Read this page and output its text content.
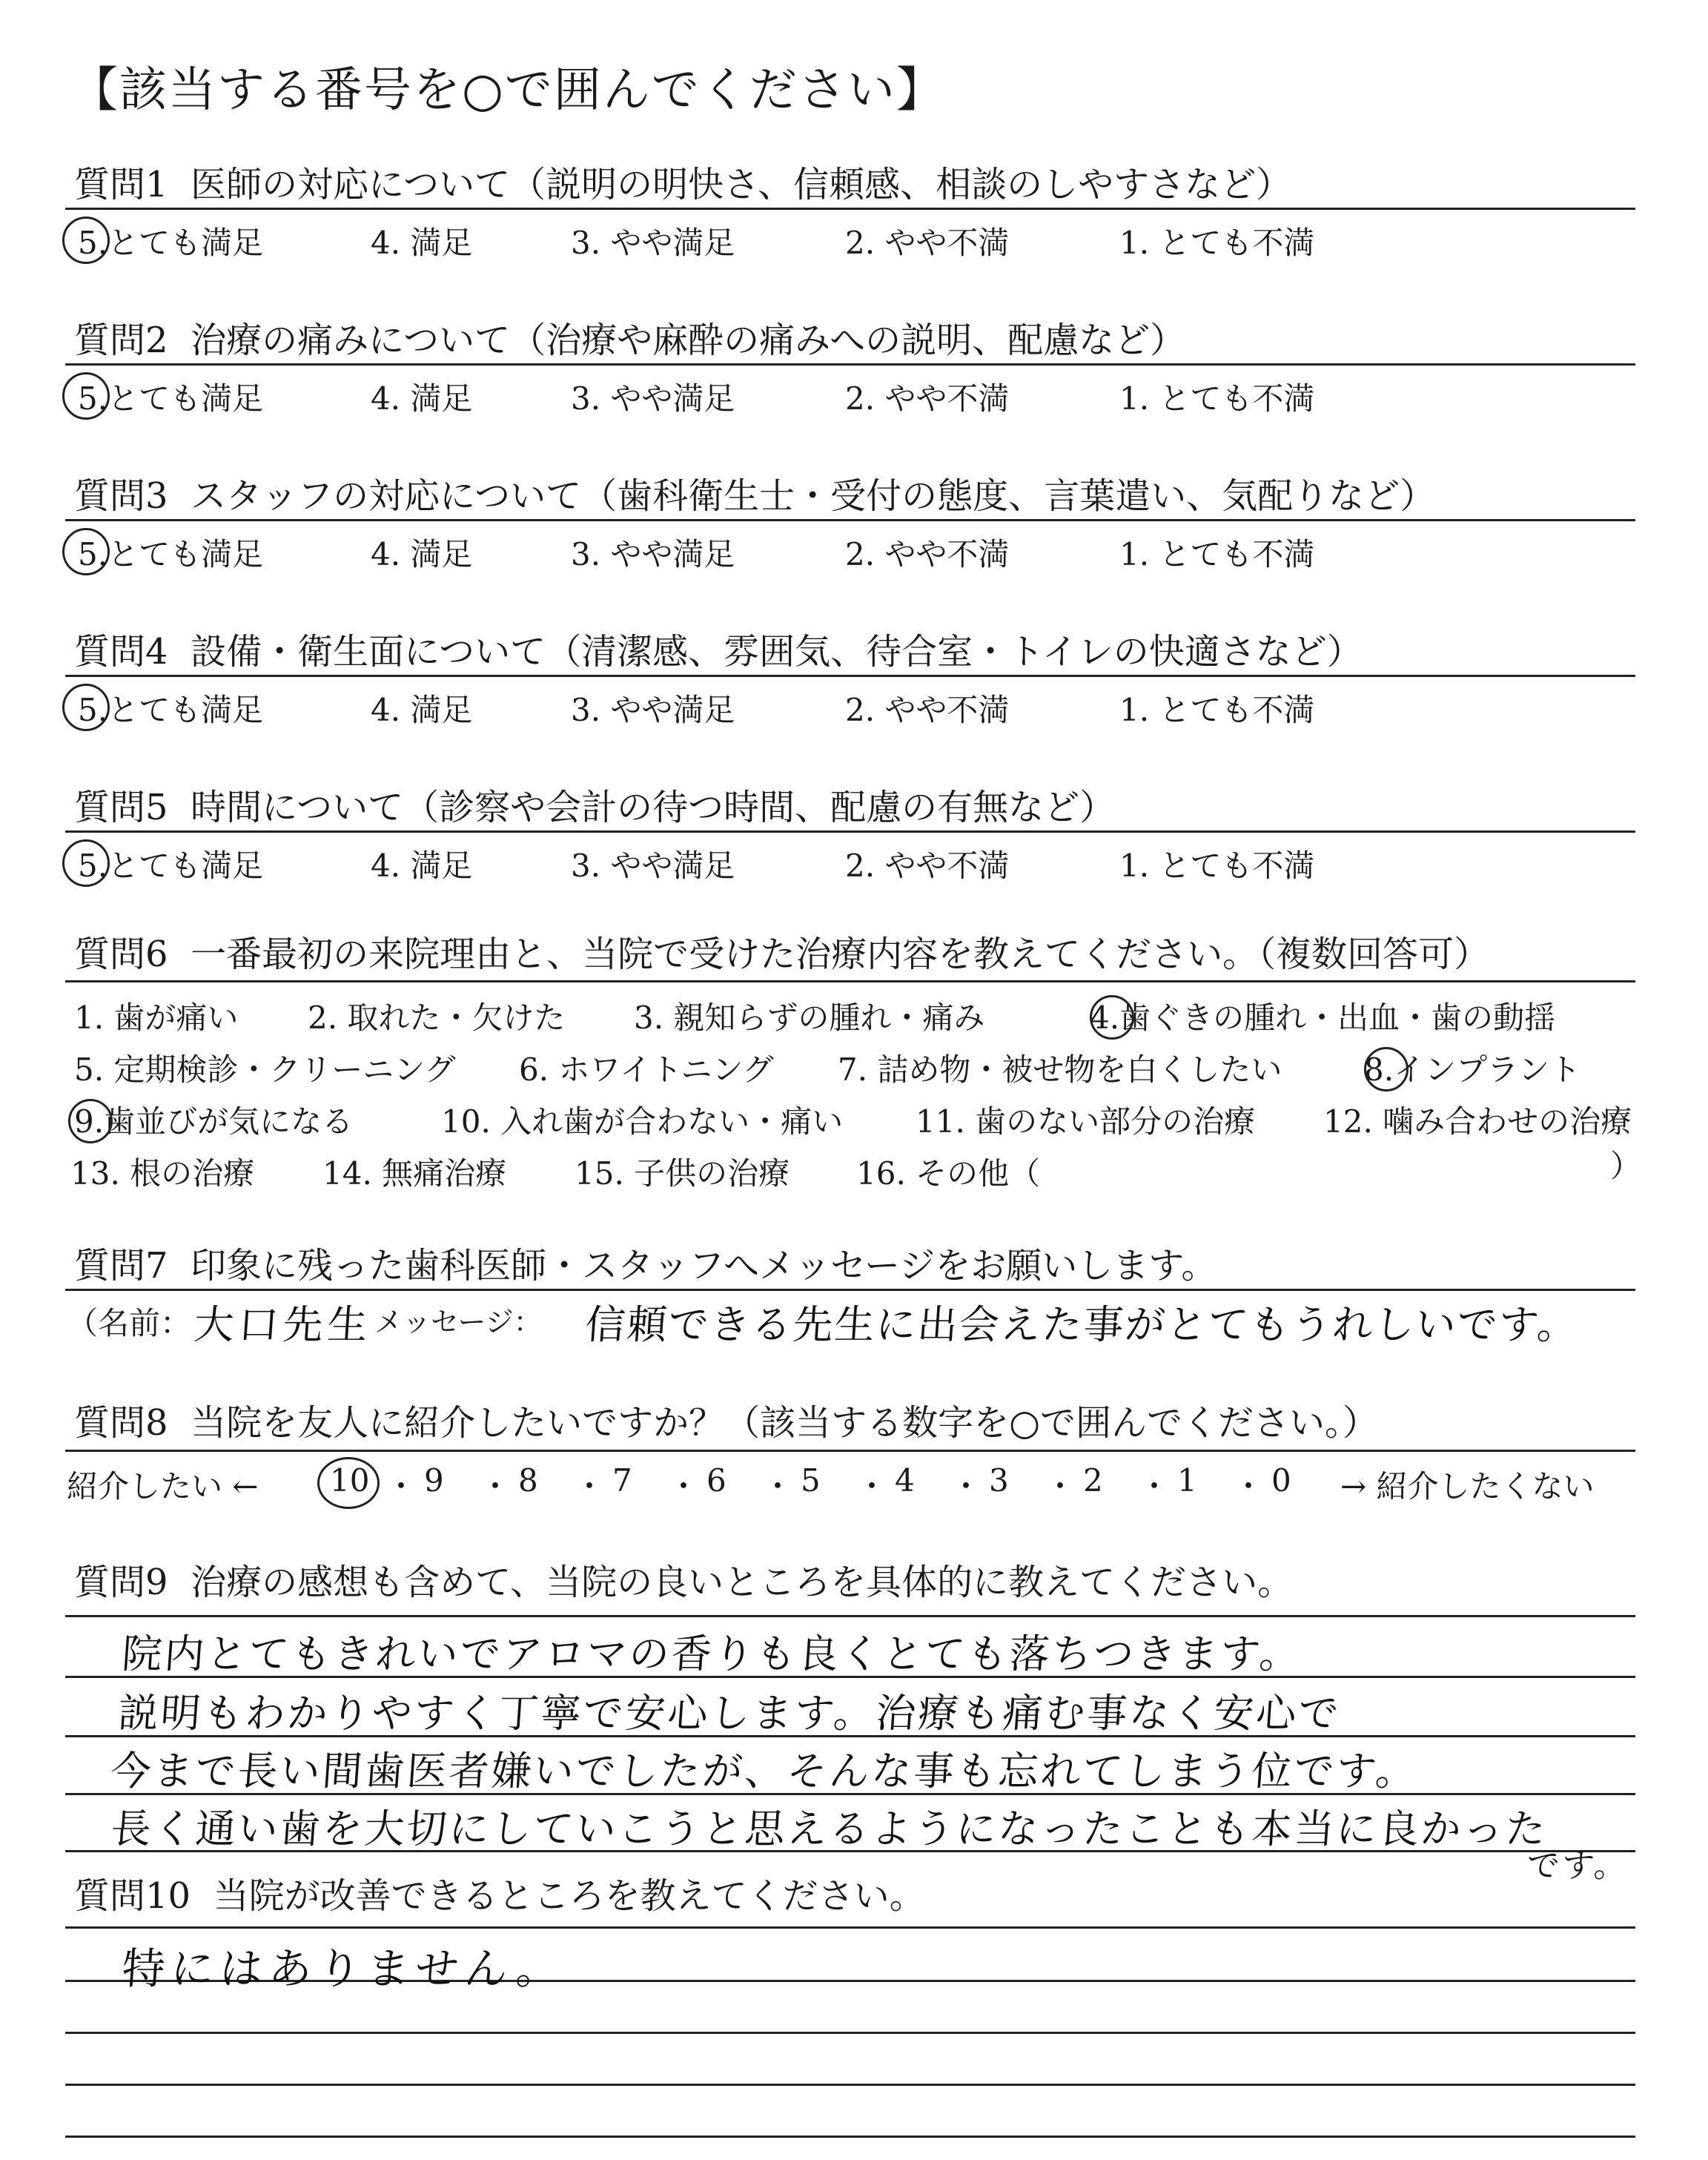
【該当する番号を○で囲んでください】
質問1 医師の対応について（説明の明快さ、信頼感、相談のしやすさなど）
5.とても満足	4. 満足	3. やや満足	2. やや不満	1. とても不満
質問2 治療の痛みについて（治療や麻酔の痛みへの説明、配慮など）
5.とても満足	4. 満足	3. やや満足	2. やや不満	1. とても不満
質問3 スタッフの対応について（歯科衛生士・受付の態度、言葉遣い、気配りなど）
5.とても満足	4. 満足	3. やや満足	2. やや不満	1. とても不満
質問4 設備・衛生面について（清潔感、雰囲気、待合室・トイレの快適さなど）
5.とても満足	4. 満足	3. やや満足	2. やや不満	1. とても不満
質問5 時間について（診察や会計の待つ時間、配慮の有無など）
5.とても満足	4. 満足	3. やや満足	2. やや不満	1. とても不満
質問6 一番最初の来院理由と、当院で受けた治療内容を教えてください。（複数回答可）
1. 歯が痛い 2. 取れた・欠けた 3. 親知らずの腫れ・痛み	4.歯ぐきの腫れ・出血・歯の動揺
5. 定期検診・クリーニング 6. ホワイトニング 7. 詰め物・被せ物を白くしたい	8.インプラント
9.歯並びが気になる	10. 入れ歯が合わない・痛い 11. 歯のない部分の治療 12. 噛み合わせの治療
13. 根の治療 14. 無痛治療 15. 子供の治療 16. その他（	）
質問7 印象に残った歯科医師・スタッフへメッセージをお願いします。
（名前： 大口先生 メッセージ： 信頼できる先生に出会えた事がとてもうれしいです。
質問8 当院を友人に紹介したいですか？（該当する数字を○で囲んでください。）
紹介したい ← 10 ・ 9 ・ 8 ・ 7 ・ 6 ・ 5 ・ 4 ・ 3 ・ 2 ・ 1 ・ 0 → 紹介したくない
質問9 治療の感想も含めて、当院の良いところを具体的に教えてください。
院内とてもきれいでアロマの香りも良くとても落ちつきます。
説明もわかりやすく丁寧で安心します。治療も痛む事なく安心で
今まで長い間歯医者嫌いでしたが、そんな事も忘れてしまう位です。
長く通い歯を大切にしていこうと思えるようになったことも本当に良かった
です。
質問10 当院が改善できるところを教えてください。
特にはありません。
